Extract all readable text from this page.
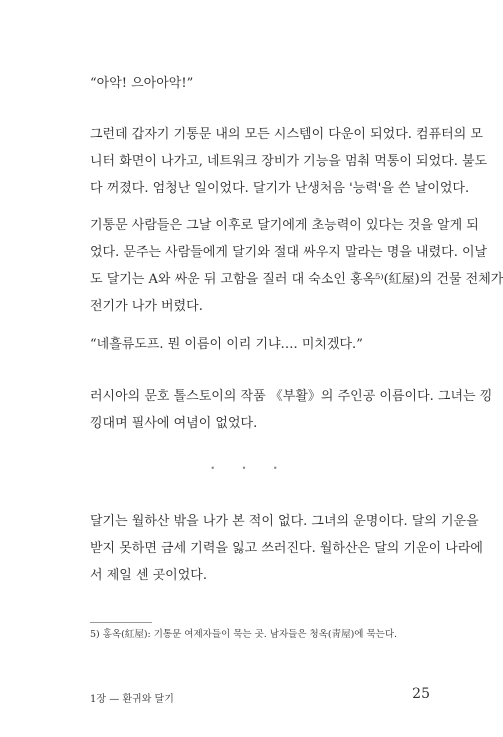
“아악! 으아아악!”
그런데 갑자기 기통문 내의 모든 시스템이 다운이 되었다. 컴퓨터의 모
니터 화면이 나가고, 네트워크 장비가 기능을 멈춰 먹통이 되었다. 불도
다 꺼졌다. 엄청난 일이었다. 달기가 난생처음 '능력'을 쓴 날이었다.
기통문 사람들은 그날 이후로 달기에게 초능력이 있다는 것을 알게 되
었다. 문주는 사람들에게 달기와 절대 싸우지 말라는 명을 내렸다. 이날
도 달기는 A와 싸운 뒤 고함을 질러 대 숙소인 홍옥⁵⁾(紅屋)의 건물 전체가
전기가 나가 버렸다.
“네흘류도프. 뭔 이름이 이리 기냐…. 미치겠다.”
러시아의 문호 톨스토이의 작품 《부활》의 주인공 이름이다. 그녀는 낑
낑대며 필사에 여념이 없었다.
• • •
달기는 월하산 밖을 나가 본 적이 없다. 그녀의 운명이다. 달의 기운을
받지 못하면 금세 기력을 잃고 쓰러진다. 월하산은 달의 기운이 나라에
서 제일 센 곳이었다.
5) 홍옥(紅屋): 기통문 여제자들이 묵는 곳. 남자들은 청옥(靑屋)에 묵는다.
1장 — 환귀와 달기	25
